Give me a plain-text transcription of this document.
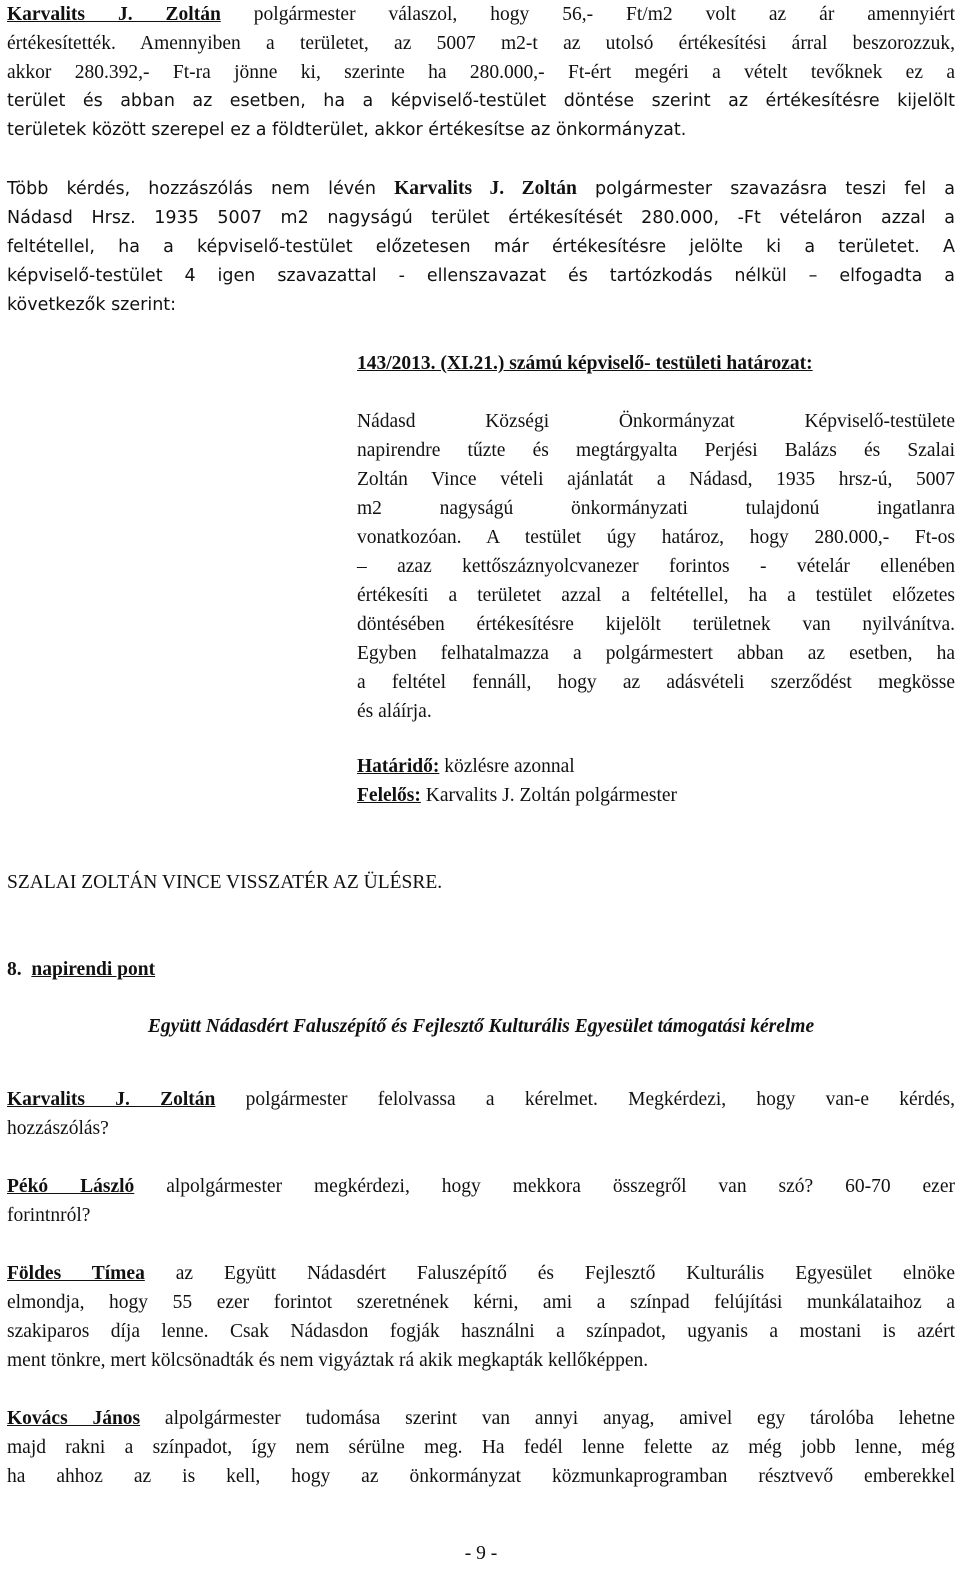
Karvalits J. Zoltán polgármester válaszol, hogy 56,- Ft/m2 volt az ár amennyiért
értékesítették. Amennyiben a területet, az 5007 m2-t az utolsó értékesítési árral beszorozzuk,
akkor 280.392,- Ft-ra jönne ki, szerinte ha 280.000,- Ft-ért megéri a vételt tevőknek ez a
terület és abban az esetben, ha a képviselő-testület döntése szerint az értékesítésre kijelölt
területek között szerepel ez a földterület, akkor értékesítse az önkormányzat.
Több kérdés, hozzászólás nem lévén Karvalits J. Zoltán polgármester szavazásra teszi fel a
Nádasd Hrsz. 1935 5007 m2 nagyságú terület értékesítését 280.000, -Ft vételáron azzal a
feltétellel, ha a képviselő-testület előzetesen már értékesítésre jelölte ki a területet. A
képviselő-testület 4 igen szavazattal - ellenszavazat és tartózkodás nélkül – elfogadta a
következők szerint:
143/2013. (XI.21.) számú képviselő- testületi határozat:
Nádasd Községi Önkormányzat Képviselő-testülete
napirendre tűzte és megtárgyalta Perjési Balázs és Szalai
Zoltán Vince vételi ajánlatát a Nádasd, 1935 hrsz-ú, 5007
m2 nagyságú önkormányzati tulajdonú ingatlanra
vonatkozóan. A testület úgy határoz, hogy 280.000,- Ft-os
– azaz kettőszáznyolcvanezer forintos - vételár ellenében
értékesíti a területet azzal a feltétellel, ha a testület előzetes
döntésében értékesítésre kijelölt területnek van nyilvánítva.
Egyben felhatalmazza a polgármestert abban az esetben, ha
a feltétel fennáll, hogy az adásvételi szerződést megkösse
és aláírja.
Határidő: közlésre azonnal
Felelős: Karvalits J. Zoltán polgármester
SZALAI ZOLTÁN VINCE VISSZATÉR AZ ÜLÉSRE.
8. napirendi pont
Együtt Nádasdért Faluszépítő és Fejlesztő Kulturális Egyesület támogatási kérelme
Karvalits J. Zoltán polgármester felolvassa a kérelmet. Megkérdezi, hogy van-e kérdés,
hozzászólás?
Pékó László alpolgármester megkérdezi, hogy mekkora összegről van szó? 60-70 ezer
forintnról?
Földes Tímea az Együtt Nádasdért Faluszépítő és Fejlesztő Kulturális Egyesület elnöke
elmondja, hogy 55 ezer forintot szeretnének kérni, ami a színpad felújítási munkálataihoz a
szakiparos díja lenne. Csak Nádasdon fogják használni a színpadot, ugyanis a mostani is azért
ment tönkre, mert kölcsönadták és nem vigyáztak rá akik megkapták kellőképpen.
Kovács János alpolgármester tudomása szerint van annyi anyag, amivel egy tárolóba lehetne
majd rakni a színpadot, így nem sérülne meg. Ha fedél lenne felette az még jobb lenne, még
ha ahhoz az is kell, hogy az önkormányzat közmunkaprogramban résztvevő emberekkel
- 9 -
